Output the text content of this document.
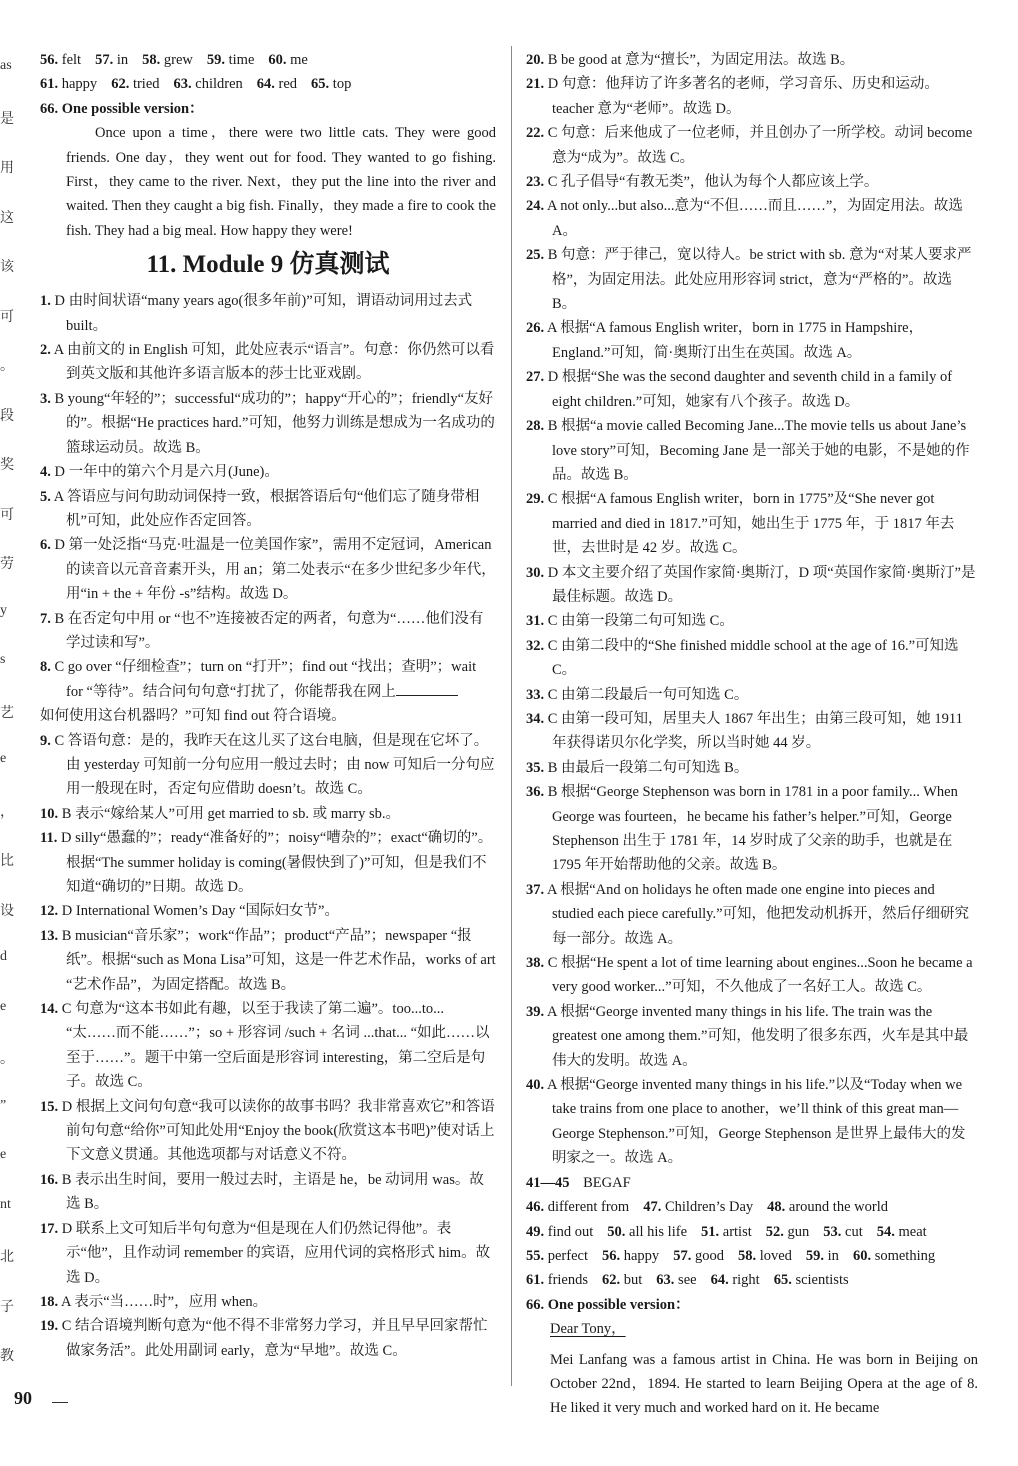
as
是
用
这
该
可
。
段
奖
可
劳
y
s
艺
e
，
比
设
d
e
。
”
e
nt
北
子
教
56. felt 57. in 58. grew 59. time 60. me
61. happy 62. tried 63. children 64. red 65. top
66. One possible version：
Once upon a time，there were two little cats. They were good friends. One day，they went out for food. They wanted to go fishing. First，they came to the river. Next，they put the line into the river and waited. Then they caught a big fish. Finally，they made a fire to cook the fish. They had a big meal. How happy they were!
11. Module 9 仿真测试
1. D 由时间状语“many years ago(很多年前)”可知，谓语动词用过去式 built。
2. A 由前文的 in English 可知，此处应表示“语言”。句意：你仍然可以看到英文版和其他许多语言版本的莎士比亚戏剧。
3. B young“年轻的”；successful“成功的”；happy“开心的”；friendly“友好的”。根据“He practices hard.”可知，他努力训练是想成为一名成功的篮球运动员。故选 B。
4. D 一年中的第六个月是六月(June)。
5. A 答语应与问句助动词保持一致，根据答语后句“他们忘了随身带相机”可知，此处应作否定回答。
6. D 第一处泛指“马克·吐温是一位美国作家”，需用不定冠词，American 的读音以元音音素开头，用 an；第二处表示“在多少世纪多少年代，用“in + the + 年份 -s”结构。故选 D。
7. B 在否定句中用 or “也不”连接被否定的两者，句意为“……他们没有学过读和写”。
8. C go over “仔细检查”；turn on “打开”；find out “找出；查明”；wait for “等待”。结合问句句意“打扰了，你能帮我在网上
如何使用这台机器吗？”可知 find out 符合语境。
9. C 答语句意：是的，我昨天在这儿买了这台电脑，但是现在它坏了。由 yesterday 可知前一分句应用一般过去时；由 now 可知后一分句应用一般现在时，否定句应借助 doesn’t。故选 C。
10. B 表示“嫁给某人”可用 get married to sb. 或 marry sb.。
11. D silly“愚蠢的”；ready“准备好的”；noisy“嘈杂的”；exact“确切的”。根据“The summer holiday is coming(暑假快到了)”可知，但是我们不知道“确切的”日期。故选 D。
12. D International Women’s Day “国际妇女节”。
13. B musician“音乐家”；work“作品”；product“产品”；newspaper “报纸”。根据“such as Mona Lisa”可知，这是一件艺术作品，works of art “艺术作品”，为固定搭配。故选 B。
14. C 句意为“这本书如此有趣，以至于我读了第二遍”。too...to... “太……而不能……”；so + 形容词 /such + 名词 ...that... “如此……以至于……”。题干中第一空后面是形容词 interesting，第二空后是句子。故选 C。
15. D 根据上文问句句意“我可以读你的故事书吗？我非常喜欢它”和答语前句句意“给你”可知此处用“Enjoy the book(欣赏这本书吧)”使对话上下文意义贯通。其他选项都与对话意义不符。
16. B 表示出生时间，要用一般过去时，主语是 he，be 动词用 was。故选 B。
17. D 联系上文可知后半句句意为“但是现在人们仍然记得他”。表示“他”，且作动词 remember 的宾语，应用代词的宾格形式 him。故选 D。
18. A 表示“当……时”，应用 when。
19. C 结合语境判断句意为“他不得不非常努力学习，并且早早回家帮忙做家务活”。此处用副词 early，意为“早地”。故选 C。
20. B be good at 意为“擅长”，为固定用法。故选 B。
21. D 句意：他拜访了许多著名的老师，学习音乐、历史和运动。teacher 意为“老师”。故选 D。
22. C 句意：后来他成了一位老师，并且创办了一所学校。动词 become 意为“成为”。故选 C。
23. C 孔子倡导“有教无类”，他认为每个人都应该上学。
24. A not only...but also...意为“不但……而且……”，为固定用法。故选 A。
25. B 句意：严于律己，宽以待人。be strict with sb. 意为“对某人要求严格”，为固定用法。此处应用形容词 strict，意为“严格的”。故选 B。
26. A 根据“A famous English writer，born in 1775 in Hampshire，England.”可知，简·奥斯汀出生在英国。故选 A。
27. D 根据“She was the second daughter and seventh child in a family of eight children.”可知，她家有八个孩子。故选 D。
28. B 根据“a movie called Becoming Jane...The movie tells us about Jane’s love story”可知，Becoming Jane 是一部关于她的电影，不是她的作品。故选 B。
29. C 根据“A famous English writer，born in 1775”及“She never got married and died in 1817.”可知，她出生于 1775 年，于 1817 年去世，去世时是 42 岁。故选 C。
30. D 本文主要介绍了英国作家简·奥斯汀，D 项“英国作家简·奥斯汀”是最佳标题。故选 D。
31. C 由第一段第二句可知选 C。
32. C 由第二段中的“She finished middle school at the age of 16.”可知选 C。
33. C 由第二段最后一句可知选 C。
34. C 由第一段可知，居里夫人 1867 年出生；由第三段可知，她 1911 年获得诺贝尔化学奖，所以当时她 44 岁。
35. B 由最后一段第二句可知选 B。
36. B 根据“George Stephenson was born in 1781 in a poor family... When George was fourteen，he became his father’s helper.”可知，George Stephenson 出生于 1781 年，14 岁时成了父亲的助手，也就是在 1795 年开始帮助他的父亲。故选 B。
37. A 根据“And on holidays he often made one engine into pieces and studied each piece carefully.”可知，他把发动机拆开，然后仔细研究每一部分。故选 A。
38. C 根据“He spent a lot of time learning about engines...Soon he became a very good worker...”可知，不久他成了一名好工人。故选 C。
39. A 根据“George invented many things in his life. The train was the greatest one among them.”可知，他发明了很多东西，火车是其中最伟大的发明。故选 A。
40. A 根据“George invented many things in his life.”以及“Today when we take trains from one place to another，we’ll think of this great man— George Stephenson.”可知，George Stephenson 是世界上最伟大的发明家之一。故选 A。
41—45 BEGAF
46. different from 47. Children’s Day 48. around the world
49. find out 50. all his life 51. artist 52. gun 53. cut 54. meat
55. perfect 56. happy 57. good 58. loved 59. in 60. something
61. friends 62. but 63. see 64. right 65. scientists
66. One possible version：
Dear Tony，
Mei Lanfang was a famous artist in China. He was born in Beijing on October 22nd，1894. He started to learn Beijing Opera at the age of 8. He liked it very much and worked hard on it. He became
90
